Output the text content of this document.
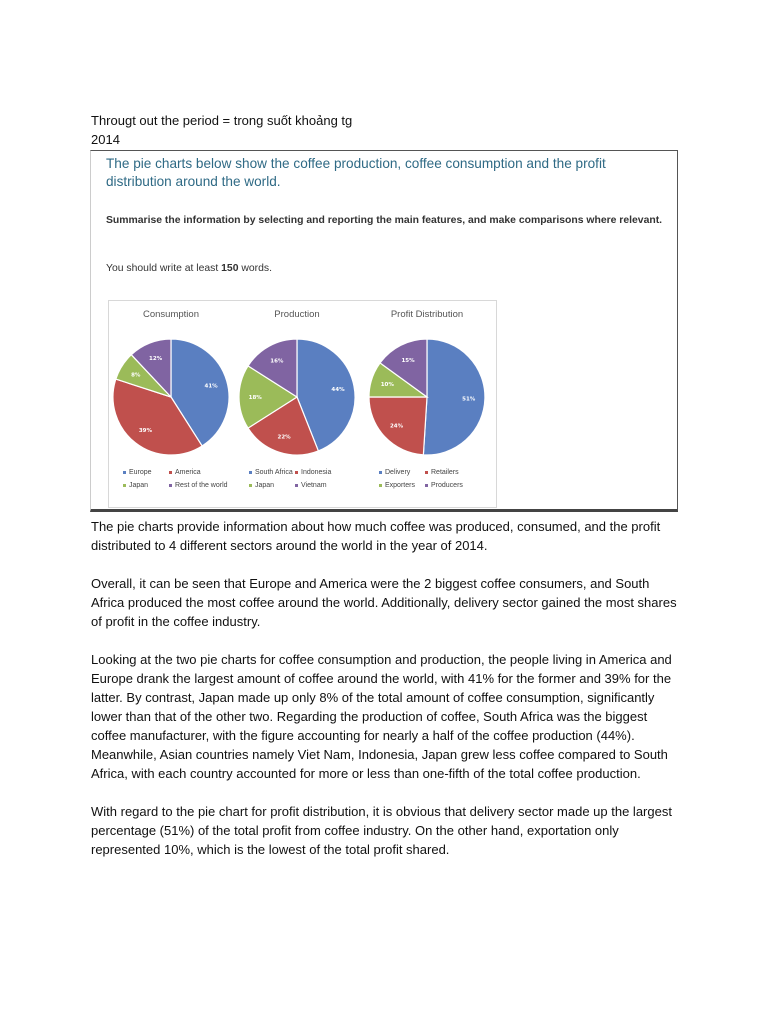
Througt out the period = trong suốt khoảng tg
2014
The pie charts below show the coffee production, coffee consumption and the profit distribution around the world.
Summarise the information by selecting and reporting the main features, and make comparisons where relevant.
You should write at least 150 words.
Consumption
41%
39%
8%
12%
Europe	America
Japan	Rest of the world
Production
44%
22%
18%
16%
South Africa	Indonesia
Japan	Vietnam
Profit Distribution
51%
24%
10%
15%
Delivery	Retailers
Exporters	Producers
The pie charts provide information about how much coffee was produced, consumed, and the profit distributed to 4 different sectors around the world in the year of 2014.
Overall, it can be seen that Europe and America were the 2 biggest coffee consumers, and South Africa produced the most coffee around the world. Additionally, delivery sector gained the most shares of profit in the coffee industry.
Looking at the two pie charts for coffee consumption and production, the people living in America and Europe drank the largest amount of coffee around the world, with 41% for the former and 39% for the latter. By contrast, Japan made up only 8% of the total amount of coffee consumption, significantly lower than that of the other two. Regarding the production of coffee, South Africa was the biggest coffee manufacturer, with the figure accounting for nearly a half of the coffee production (44%). Meanwhile, Asian countries namely Viet Nam, Indonesia, Japan grew less coffee compared to South Africa, with each country accounted for more or less than one-fifth of the total coffee production.
With regard to the pie chart for profit distribution, it is obvious that delivery sector made up the largest percentage (51%) of the total profit from coffee industry. On the other hand, exportation only represented 10%, which is the lowest of the total profit shared.
